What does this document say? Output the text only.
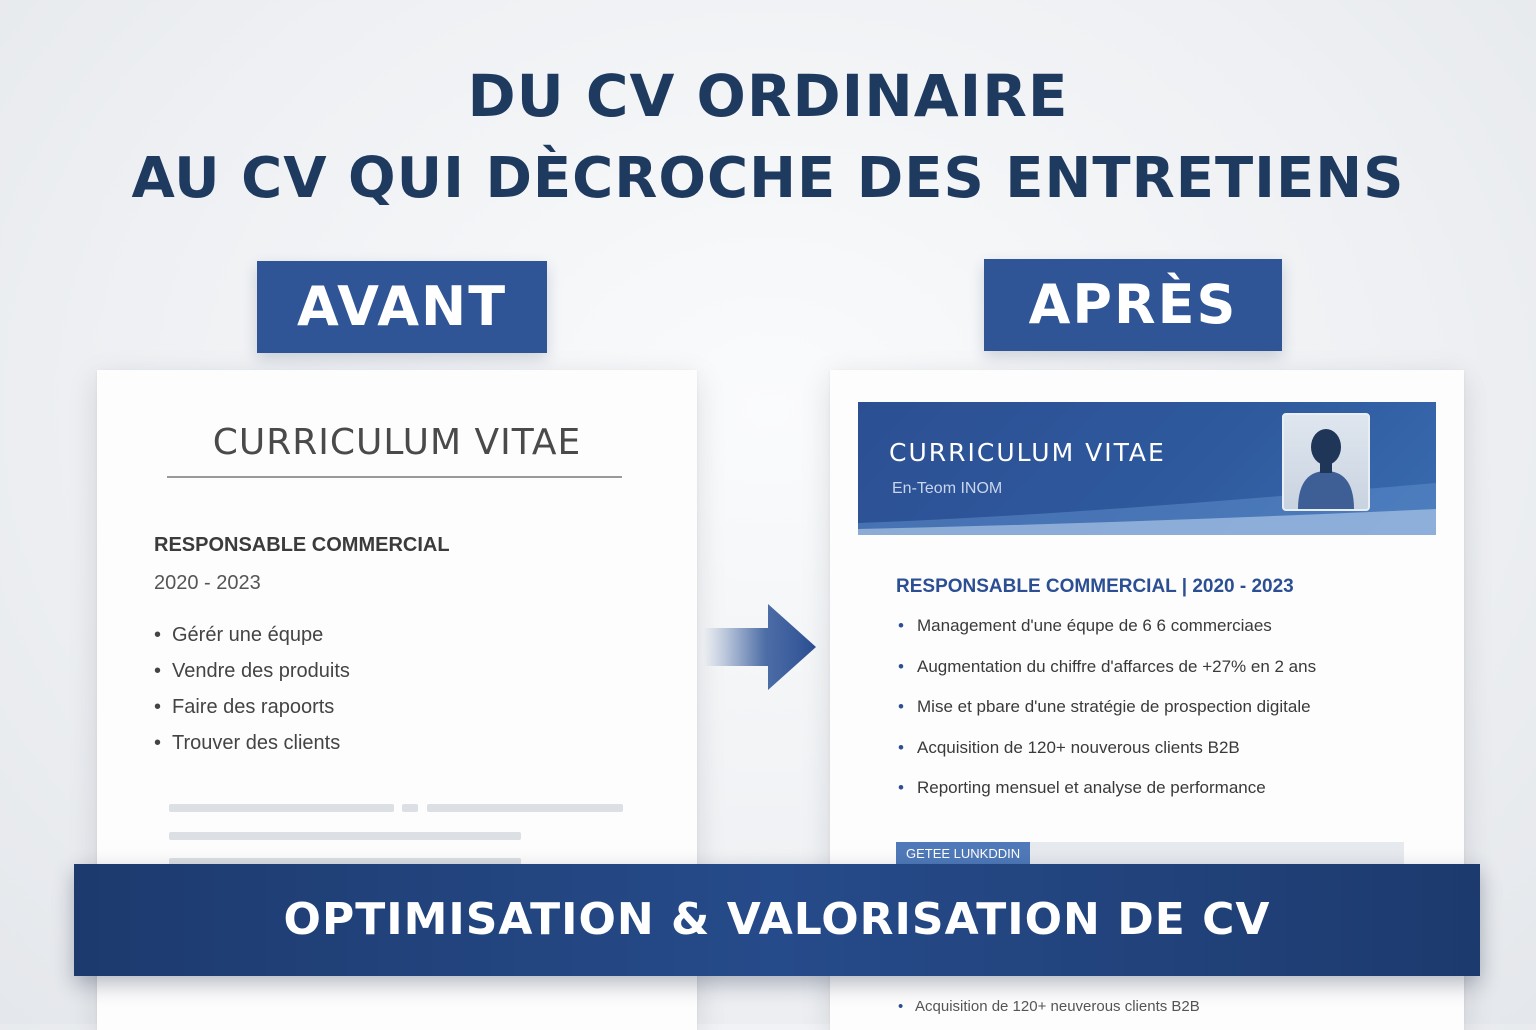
DU CV ORDINAIRE
AU CV QUI DÈCROCHE DES ENTRETIENS
AVANT	APRÈS
CURRICULUM VITAE
RESPONSABLE COMMERCIAL
2020 - 2023
• Gérér une équpe
• Vendre des produits
• Faire des rapoorts
• Trouver des clients
CURRICULUM VITAE
En-Teom INOM
RESPONSABLE COMMERCIAL | 2020 - 2023
• Management d'une équpe de 6 6 commerciaes
• Augmentation du chiffre d'affarces de +27% en 2 ans
• Mise et pbare d'une stratégie de prospection digitale
• Acquisition de 120+ nouverous clients B2B
• Reporting mensuel et analyse de performance
GETEE LUNKDDIN
• Acquisition de 120+ neuverous clients B2B
OPTIMISATION & VALORISATION DE CV
